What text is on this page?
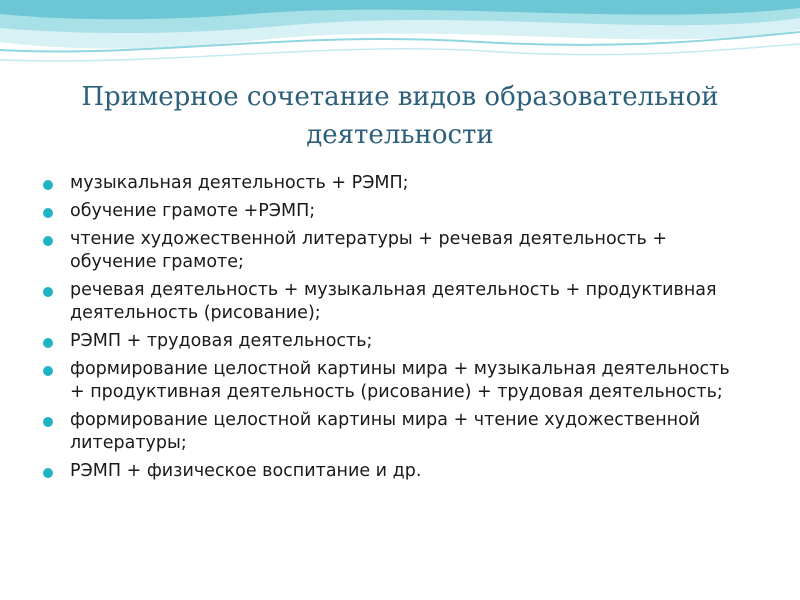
Примерное сочетание видов образовательной
деятельности
музыкальная деятельность + РЭМП;
обучение грамоте +РЭМП;
чтение художественной литературы + речевая деятельность + обучение грамоте;
речевая деятельность + музыкальная деятельность + продуктивная деятельность (рисование);
РЭМП + трудовая деятельность;
формирование целостной картины мира + музыкальная деятельность + продуктивная деятельность (рисование) + трудовая деятельность;
формирование целостной картины мира + чтение художественной литературы;
РЭМП + физическое воспитание и др.
